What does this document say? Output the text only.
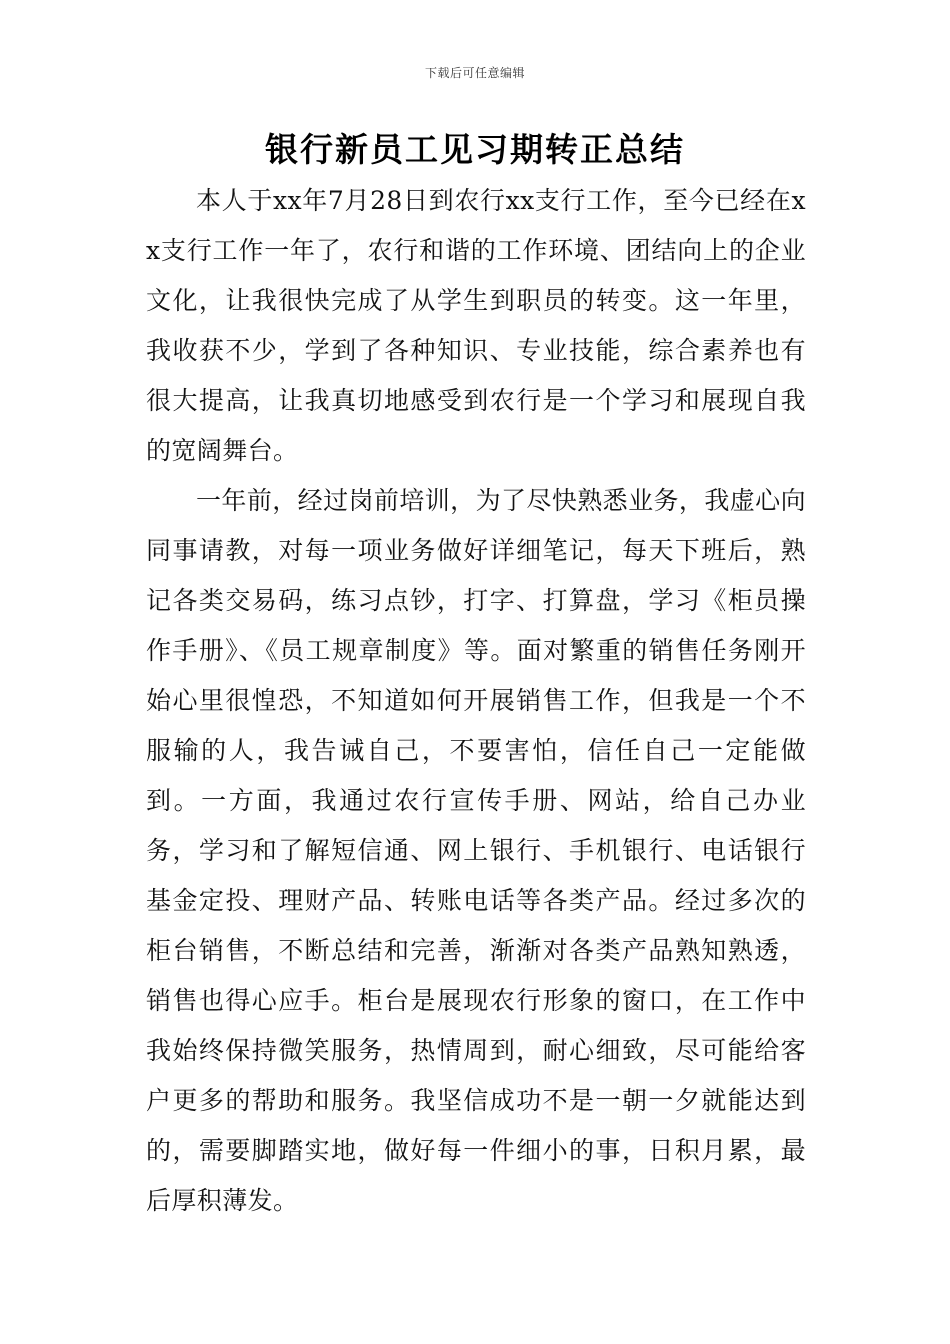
下载后可任意编辑
银行新员工见习期转正总结

本人于xx年7月28日到农行xx支行工作，至今已经在xx支行工作一年了，农行和谐的工作环境、团结向上的企业文化，让我很快完成了从学生到职员的转变。这一年里，我收获不少，学到了各种知识、专业技能，综合素养也有很大提高，让我真切地感受到农行是一个学习和展现自我的宽阔舞台。

一年前，经过岗前培训，为了尽快熟悉业务，我虚心向同事请教，对每一项业务做好详细笔记，每天下班后，熟记各类交易码，练习点钞，打字、打算盘，学习《柜员操作手册》、《员工规章制度》等。面对繁重的销售任务刚开始心里很惶恐，不知道如何开展销售工作，但我是一个不服输的人，我告诫自己，不要害怕，信任自己一定能做到。一方面，我通过农行宣传手册、网站，给自己办业务，学习和了解短信通、网上银行、手机银行、电话银行基金定投、理财产品、转账电话等各类产品。经过多次的柜台销售，不断总结和完善，渐渐对各类产品熟知熟透，销售也得心应手。柜台是展现农行形象的窗口，在工作中我始终保持微笑服务，热情周到，耐心细致，尽可能给客户更多的帮助和服务。我坚信成功不是一朝一夕就能达到的，需要脚踏实地，做好每一件细小的事，日积月累，最后厚积薄发。
